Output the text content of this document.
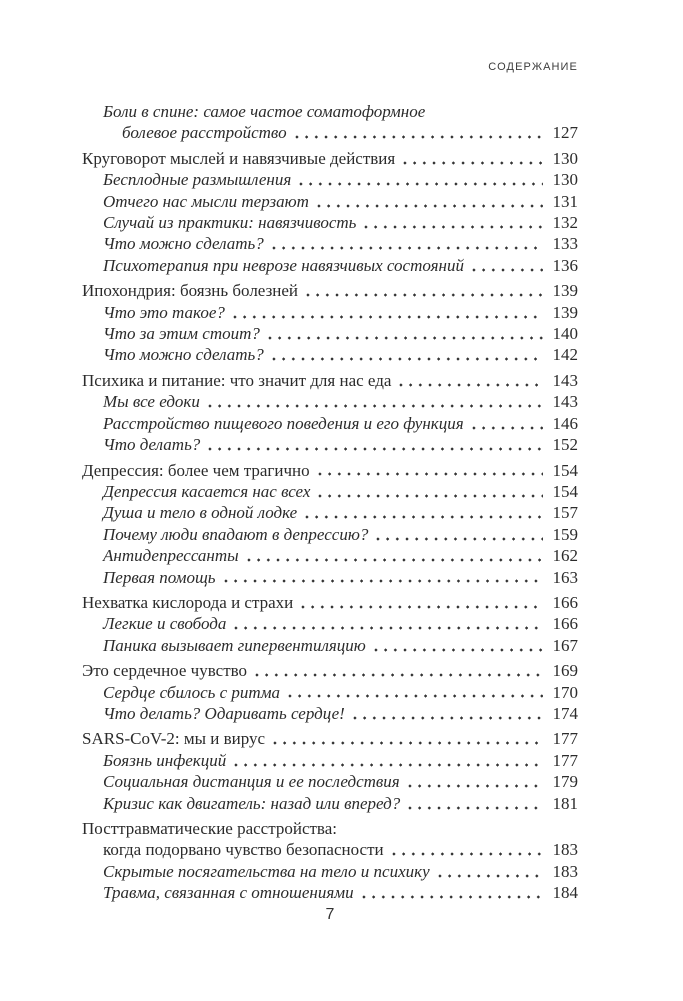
СОДЕРЖАНИЕ
Боли в спине: самое частое соматоформное
болевое расстройство	127
Круговорот мыслей и навязчивые действия	130
Бесплодные размышления	130
Отчего нас мысли терзают	131
Случай из практики: навязчивость	132
Что можно сделать?	133
Психотерапия при неврозе навязчивых состояний	136
Ипохондрия: боязнь болезней	139
Что это такое?	139
Что за этим стоит?	140
Что можно сделать?	142
Психика и питание: что значит для нас еда	143
Мы все едоки	143
Расстройство пищевого поведения и его функция	146
Что делать?	152
Депрессия: более чем трагично	154
Депрессия касается нас всех	154
Душа и тело в одной лодке	157
Почему люди впадают в депрессию?	159
Антидепрессанты	162
Первая помощь	163
Нехватка кислорода и страхи	166
Легкие и свобода	166
Паника вызывает гипервентиляцию	167
Это сердечное чувство	169
Сердце сбилось с ритма	170
Что делать? Одаривать сердце!	174
SARS-CoV-2: мы и вирус	177
Боязнь инфекций	177
Социальная дистанция и ее последствия	179
Кризис как двигатель: назад или вперед?	181
Посттравматические расстройства:
когда подорвано чувство безопасности	183
Скрытые посягательства на тело и психику	183
Травма, связанная с отношениями	184
7
